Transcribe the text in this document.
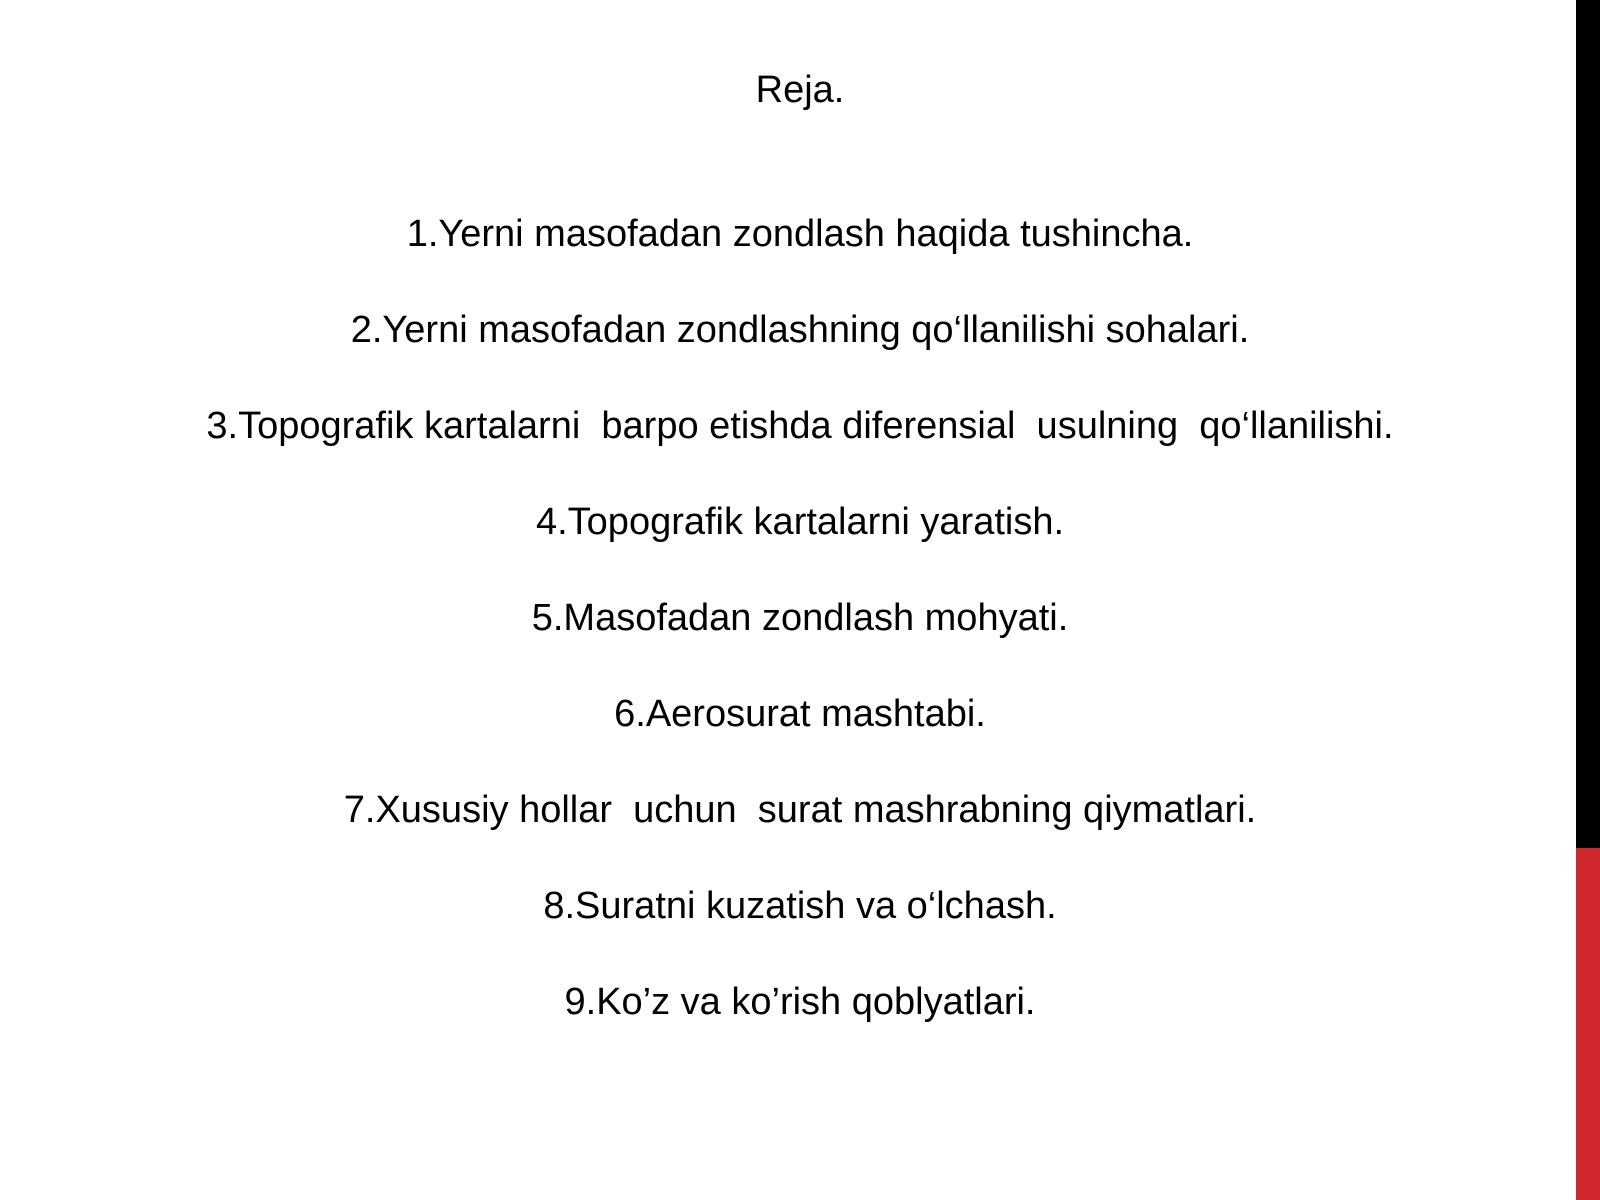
Reja.
1.Yerni masofadan zondlash haqida tushincha.
2.Yerni masofadan zondlashning qo‘llanilishi sohalari.
3.Topografik kartalarni  barpo etishda diferensial  usulning  qo‘llanilishi.
4.Topografik kartalarni yaratish.
5.Masofadan zondlash mohyati.
6.Aerosurat mashtabi.
7.Xususiy hollar  uchun  surat mashrabning qiymatlari.
8.Suratni kuzatish va o‘lchash.
9.Ko’z va ko’rish qoblyatlari.
